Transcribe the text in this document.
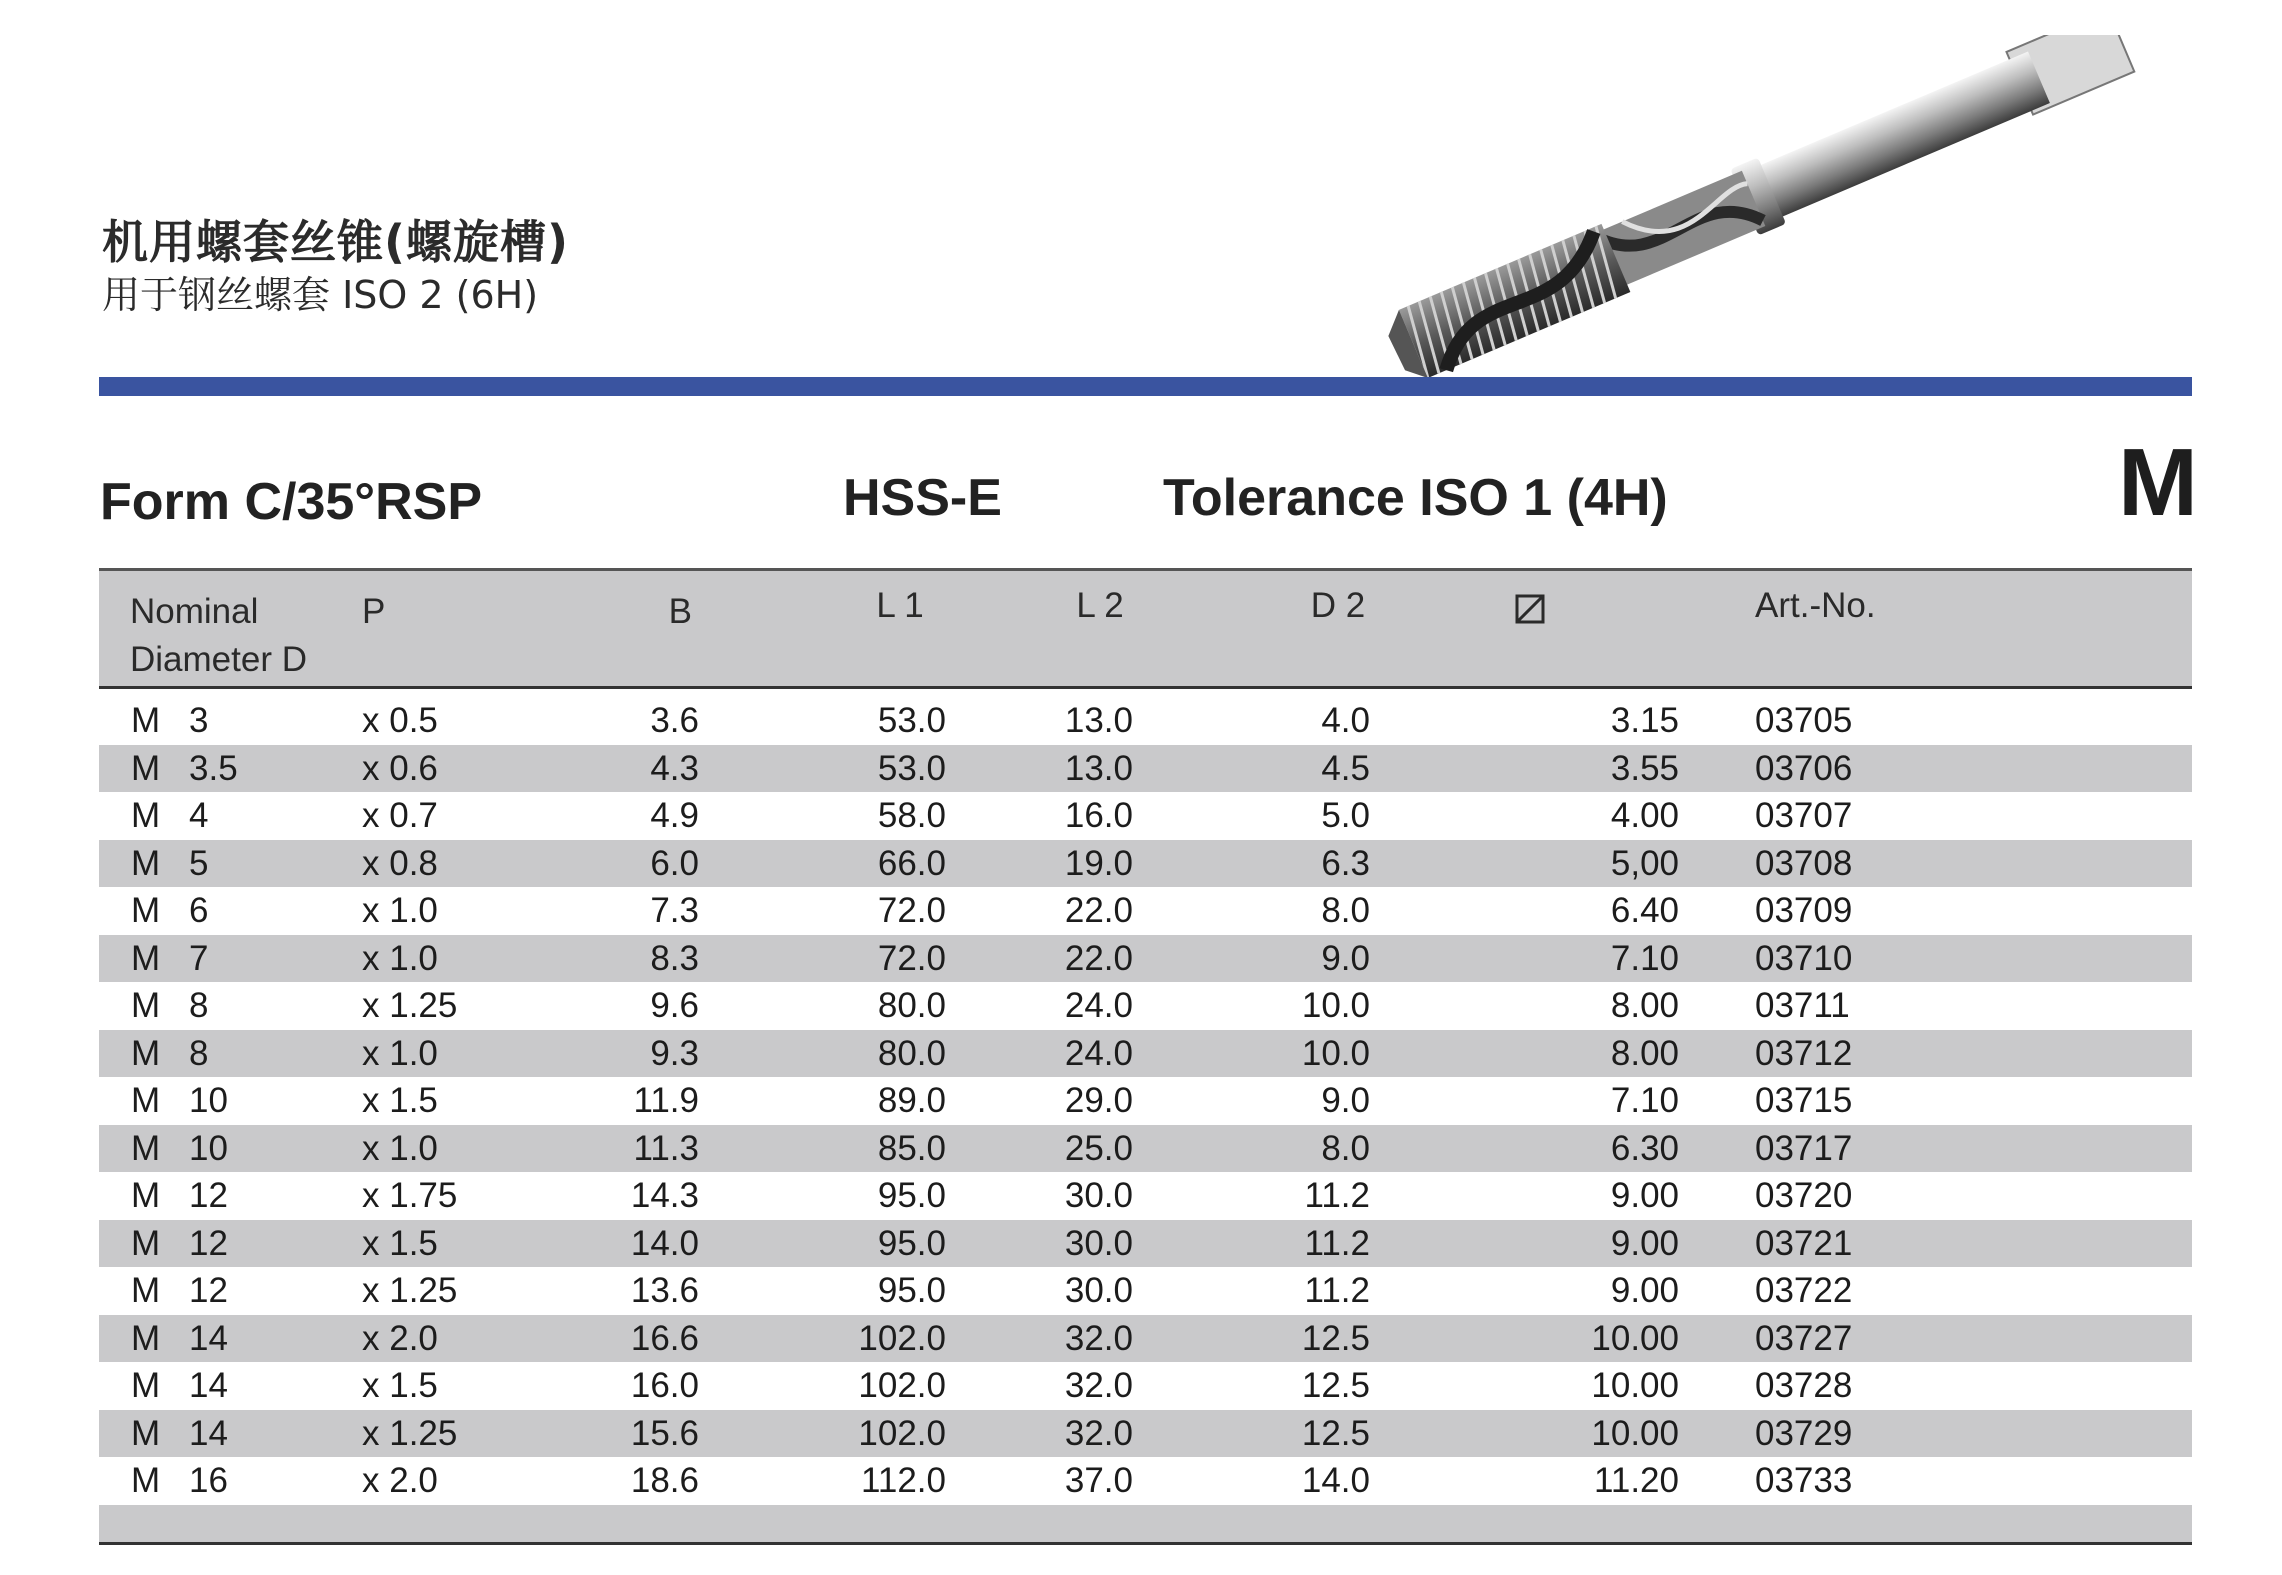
机用螺套丝锥(螺旋槽)
用于钢丝螺套 ISO 2 (6H)
Form C/35°RSP	HSS-E	Tolerance ISO 1 (4H)	M
Nominal
Diameter D
P	B	L 1	L 2	D 2	Art.-No.
M 3	x 0.5	3.6	53.0	13.0	4.0	3.15 03705
M 3.5	x 0.6	4.3	53.0	13.0	4.5	3.55 03706
M 4	x 0.7	4.9	58.0	16.0	5.0	4.00 03707
M 5	x 0.8	6.0	66.0	19.0	6.3	5,00 03708
M 6	x 1.0	7.3	72.0	22.0	8.0	6.40 03709
M 7	x 1.0	8.3	72.0	22.0	9.0	7.10 03710
M 8	x 1.25	9.6	80.0	24.0	10.0	8.00 03711
M 8	x 1.0	9.3	80.0	24.0	10.0	8.00 03712
M 10	x 1.5	11.9	89.0	29.0	9.0	7.10 03715
M 10	x 1.0	11.3	85.0	25.0	8.0	6.30 03717
M 12	x 1.75	14.3	95.0	30.0	11.2	9.00 03720
M 12	x 1.5	14.0	95.0	30.0	11.2	9.00 03721
M 12	x 1.25	13.6	95.0	30.0	11.2	9.00 03722
M 14	x 2.0	16.6	102.0	32.0	12.5	10.00 03727
M 14	x 1.5	16.0	102.0	32.0	12.5	10.00 03728
M 14	x 1.25	15.6	102.0	32.0	12.5	10.00 03729
M 16	x 2.0	18.6	112.0	37.0	14.0	11.20 03733
